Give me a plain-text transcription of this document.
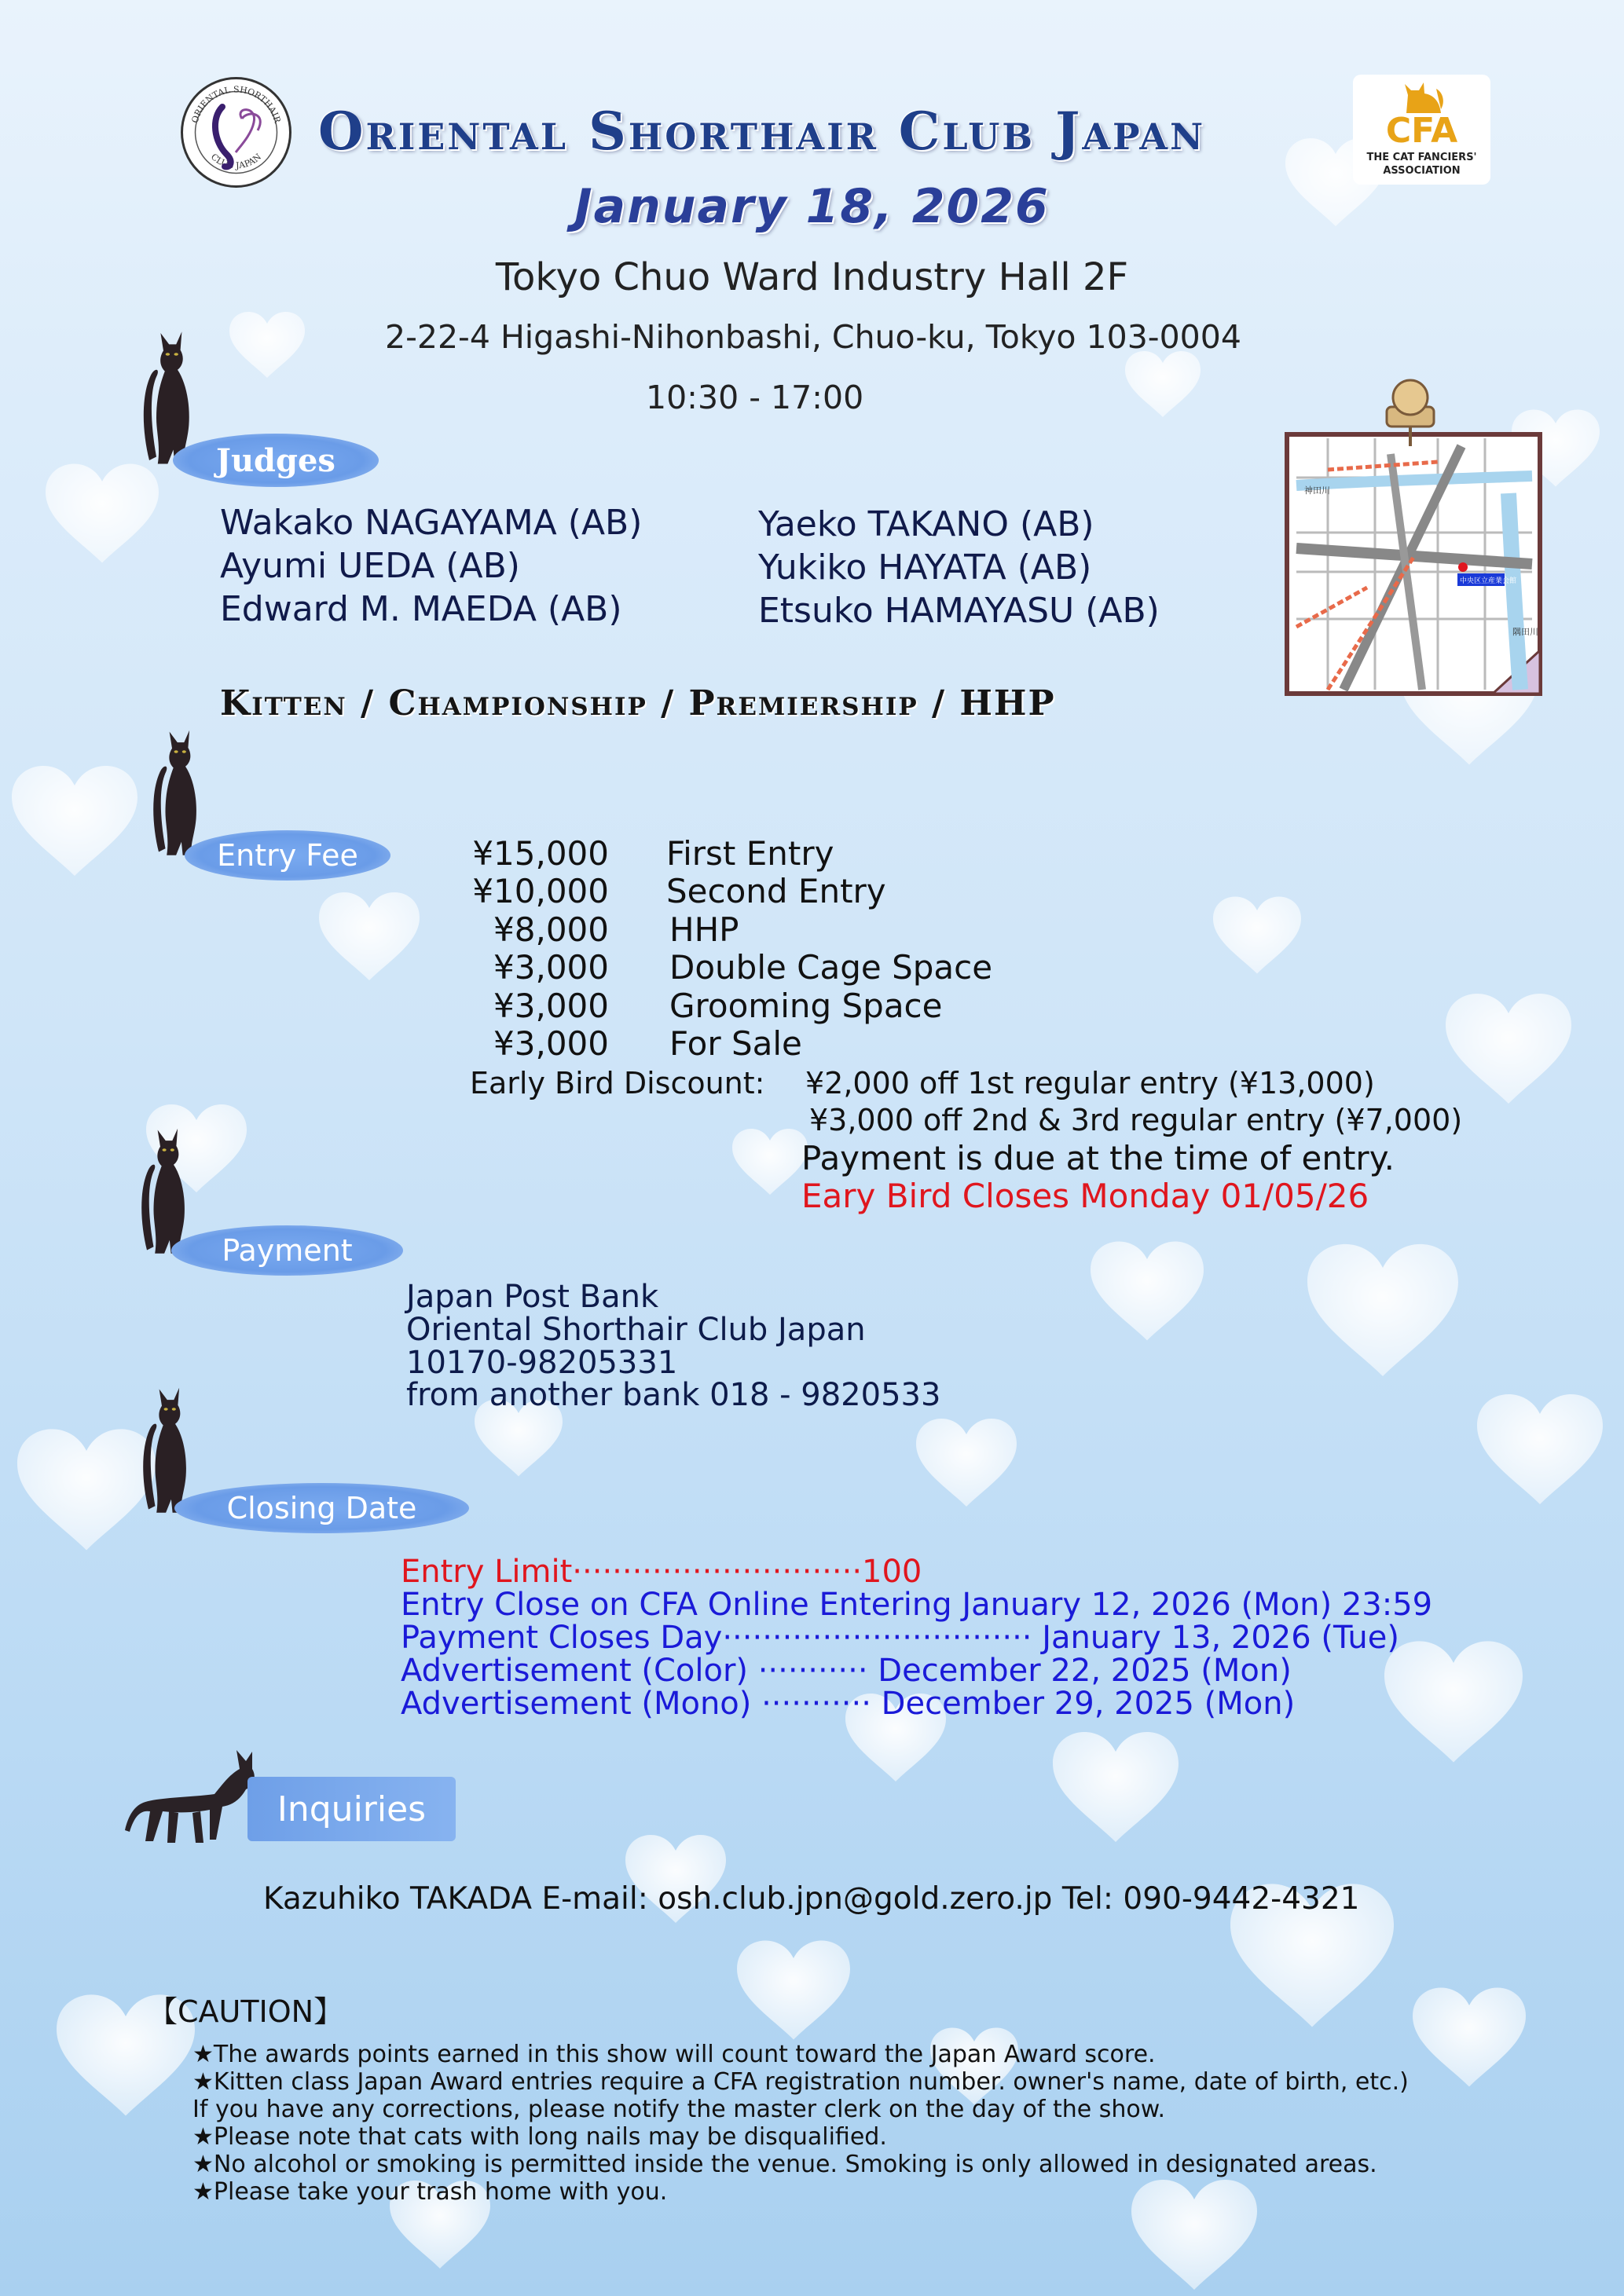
ORIENTAL SHORTHAIR
CLUB JAPAN Oriental Shorthair Club Japan	CFA
THE CAT FANCIERS'
ASSOCIATION
January 18, 2026
Tokyo Chuo Ward Industry Hall 2F
2-22-4 Higashi-Nihonbashi, Chuo-ku, Tokyo 103-0004
10:30 - 17:00
Judges
Wakako NAGAYAMA (AB)
Ayumi UEDA (AB)
Edward M. MAEDA (AB)
Yaeko TAKANO (AB)
Yukiko HAYATA (AB)
Etsuko HAMAYASU (AB)
神田川
隅田川
中央区立産業会館
Kitten / Championship / Premiership / HHP
Entry Fee	¥15,000 First Entry
¥10,000 Second Entry
¥8,000 HHP
¥3,000 Double Cage Space
¥3,000 Grooming Space
¥3,000 For Sale
Early Bird Discount: ¥2,000 off 1st regular entry (¥13,000)
¥3,000 off 2nd & 3rd regular entry (¥7,000)
Payment is due at the time of entry.
Eary Bird Closes Monday 01/05/26
Payment
Japan Post Bank
Oriental Shorthair Club Japan
10170-98205331
from another bank 018 - 9820533
Closing Date
Entry Limit·····························100
Entry Close on CFA Online Entering January 12, 2026 (Mon) 23:59
Payment Closes Day······························· January 13, 2026 (Tue)
Advertisement (Color) ··········· December 22, 2025 (Mon)
Advertisement (Mono) ··········· December 29, 2025 (Mon)
Inquiries
Kazuhiko TAKADA E-mail: osh.club.jpn@gold.zero.jp Tel: 090-9442-4321
【CAUTION】
★The awards points earned in this show will count toward the Japan Award score.
★Kitten class Japan Award entries require a CFA registration number. owner's name, date of birth, etc.)
If you have any corrections, please notify the master clerk on the day of the show.
★Please note that cats with long nails may be disqualified.
★No alcohol or smoking is permitted inside the venue. Smoking is only allowed in designated areas.
★Please take your trash home with you.
